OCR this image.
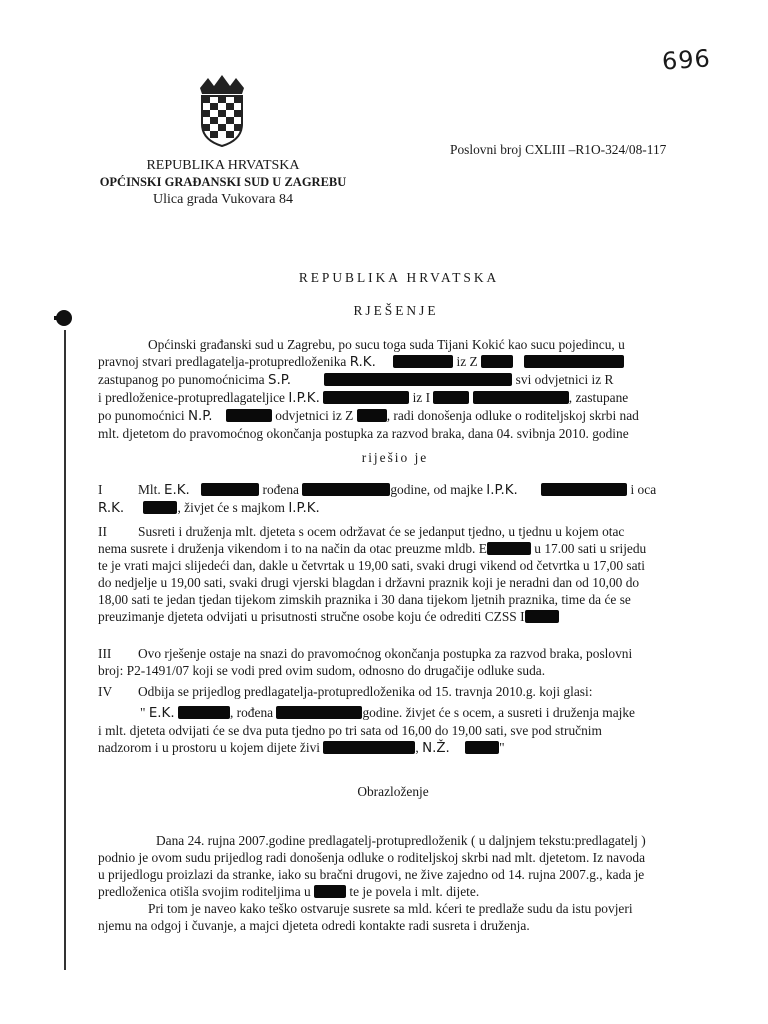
696
REPUBLIKA HRVATSKA
OPĆINSKI GRAĐANSKI SUD U ZAGREBU
Ulica grada Vukovara 84
Poslovni broj CXLIII –R1O-324/08-117
REPUBLIKA HRVATSKA
RJEŠENJE

Općinski građanski sud u Zagrebu, po sucu toga suda Tijani Kokić kao sucu pojedincu, u

pravnoj stvari predlagatelja-protupredloženika R.K.	iz Z

zastupanog po punomoćnicima S.P.	svi odvjetnici iz R

i predloženice-protupredlagateljice I.P.K.	iz I	, zastupane

po punomoćnici N.P.	odvjetnici iz Z , radi donošenja odluke o roditeljskoj skrbi nad

mlt. djetetom do pravomoćnog okončanja postupka za razvod braka, dana 04. svibnja 2010. godine

riješio je

I	Mlt. E.K.	rođena	godine, od majke I.P.K.	i oca

R.K.	, živjet će s majkom I.P.K.

II Susreti i druženja mlt. djeteta s ocem održavat će se jedanput tjedno, u tjednu u kojem otac

nema susrete i druženja vikendom i to na način da otac preuzme mldb. E	u 17.00 sati u srijedu

te je vrati majci slijedeći dan, dakle u četvrtak u 19,00 sati, svaki drugi vikend od četvrtka u 17,00 sati

do nedjelje u 19,00 sati, svaki drugi vjerski blagdan i državni praznik koji je neradni dan od 10,00 do

18,00 sati te jedan tjedan tijekom zimskih praznika i 30 dana tijekom ljetnih praznika, time da će se

preuzimanje djeteta odvijati u prisutnosti stručne osobe koju će odrediti CZSS I

III Ovo rješenje ostaje na snazi do pravomoćnog okončanja postupka za razvod braka, poslovni

broj: P2-1491/07 koji se vodi pred ovim sudom, odnosno do drugačije odluke suda.

IV Odbija se prijedlog predlagatelja-protupredloženika od 15. travnja 2010.g. koji glasi:

" E.K.	, rođena	godine. živjet će s ocem, a susreti i druženja majke

i mlt. djeteta odvijati će se dva puta tjedno po tri sata od 16,00 do 19,00 sati, sve pod stručnim

nadzorom i u prostoru u kojem dijete živi	, N.Ž.	"

Obrazloženje

Dana 24. rujna 2007.godine predlagatelj-protupredloženik ( u daljnjem tekstu:predlagatelj )

podnio je ovom sudu prijedlog radi donošenja odluke o roditeljskoj skrbi nad mlt. djetetom. Iz navoda

u prijedlogu proizlazi da stranke, iako su bračni drugovi, ne žive zajedno od 14. rujna 2007.g., kada je

predloženica otišla svojim roditeljima u	te je povela i mlt. dijete.

Pri tom je naveo kako teško ostvaruje susrete sa mld. kćeri te predlaže sudu da istu povjeri

njemu na odgoj i čuvanje, a majci djeteta odredi kontakte radi susreta i druženja.
